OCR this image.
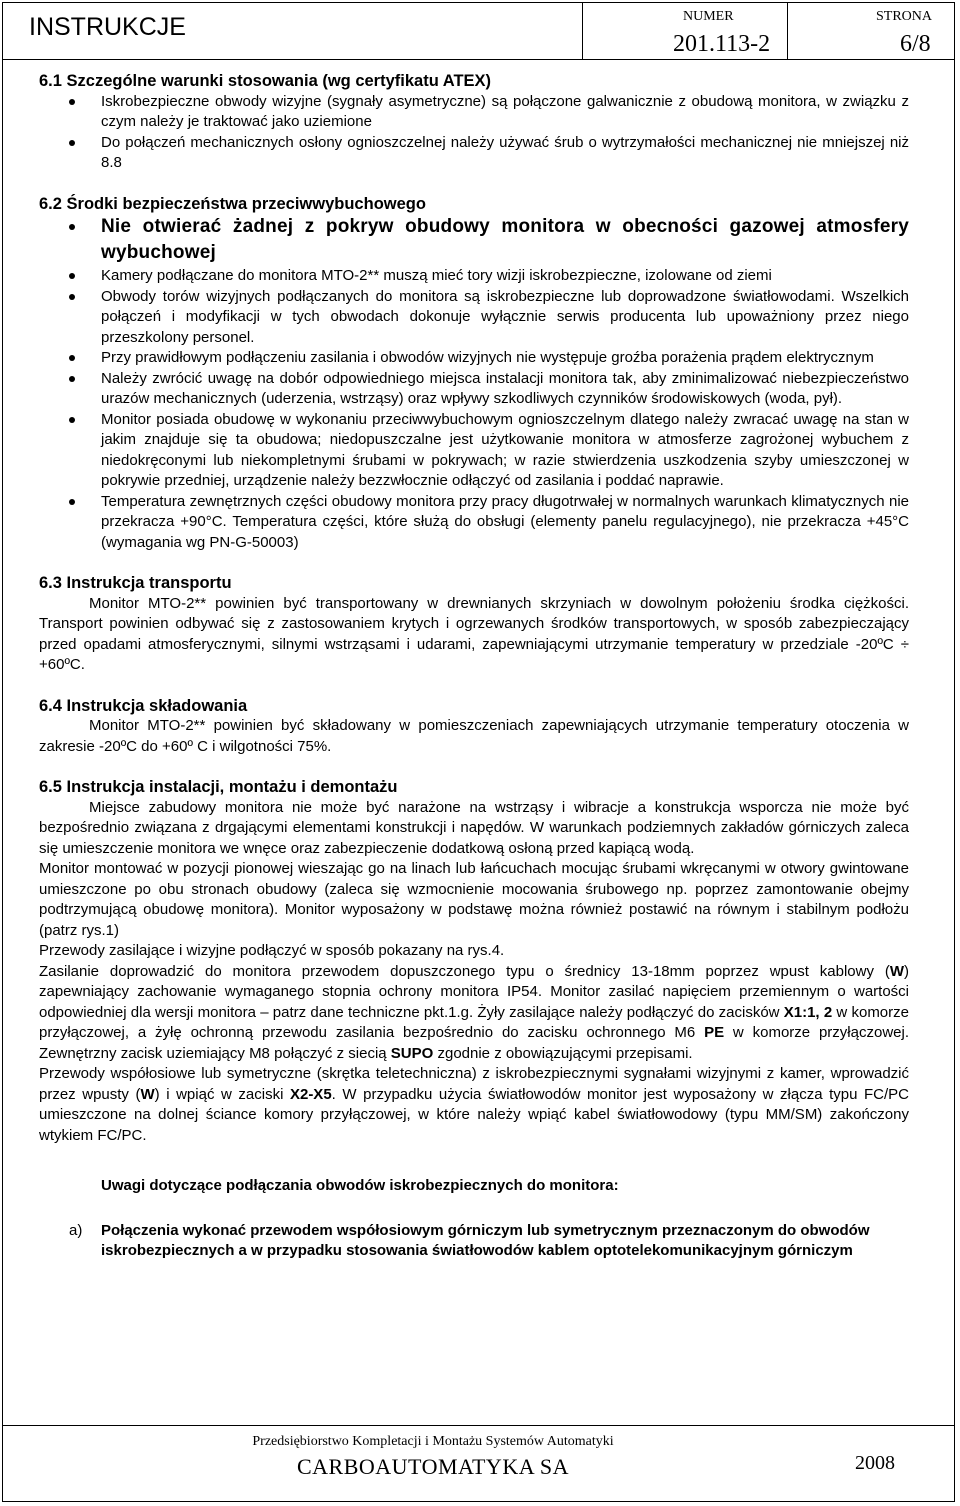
INSTRUKCJE	NUMER
201.113-2
STRONA
6/8

6.1 Szczególne warunki stosowania (wg certyfikatu ATEX)

Iskrobezpieczne obwody wizyjne (sygnały asymetryczne) są połączone galwanicznie z obudową monitora, w związku z czym należy je traktować jako uziemione
Do połączeń mechanicznych osłony ognioszczelnej należy używać śrub o wytrzymałości mechanicznej nie mniejszej niż 8.8

6.2 Środki bezpieczeństwa przeciwwybuchowego

Nie otwierać żadnej z pokryw obudowy monitora w obecności gazowej atmosfery wybuchowej
Kamery podłączane do monitora MTO-2** muszą mieć tory wizji iskrobezpieczne, izolowane od ziemi
Obwody torów wizyjnych podłączanych do monitora są iskrobezpieczne lub doprowadzone światłowodami. Wszelkich połączeń i modyfikacji w tych obwodach dokonuje wyłącznie serwis producenta lub upoważniony przez niego przeszkolony personel.
Przy prawidłowym podłączeniu zasilania i obwodów wizyjnych nie występuje groźba porażenia prądem elektrycznym
Należy zwrócić uwagę na dobór odpowiedniego miejsca instalacji monitora tak, aby zminimalizować niebezpieczeństwo urazów mechanicznych (uderzenia, wstrząsy) oraz wpływy szkodliwych czynników środowiskowych (woda, pył).
Monitor posiada obudowę w wykonaniu przeciwwybuchowym ognioszczelnym dlatego należy zwracać uwagę na stan w jakim znajduje się ta obudowa; niedopuszczalne jest użytkowanie monitora w atmosferze zagrożonej wybuchem z niedokręconymi lub niekompletnymi śrubami w pokrywach; w razie stwierdzenia uszkodzenia szyby umieszczonej w pokrywie przedniej, urządzenie należy bezzwłocznie odłączyć od zasilania i poddać naprawie.
Temperatura zewnętrznych części obudowy monitora przy pracy długotrwałej w normalnych warunkach klimatycznych nie przekracza +90°C. Temperatura części, które służą do obsługi (elementy panelu regulacyjnego), nie przekracza +45°C (wymagania wg PN-G-50003)

6.3 Instrukcja transportu

Monitor MTO-2** powinien być transportowany w drewnianych skrzyniach w dowolnym położeniu środka ciężkości. Transport powinien odbywać się z zastosowaniem krytych i ogrzewanych środków transportowych, w sposób zabezpieczający przed opadami atmosferycznymi, silnymi wstrząsami i udarami, zapewniającymi utrzymanie temperatury w przedziale -20ºC ÷ +60ºC.

6.4 Instrukcja składowania

Monitor MTO-2** powinien być składowany w pomieszczeniach zapewniających utrzymanie temperatury otoczenia w zakresie -20ºC do +60º C i wilgotności 75%.

6.5 Instrukcja instalacji, montażu i demontażu

Miejsce zabudowy monitora nie może być narażone na wstrząsy i wibracje a konstrukcja wsporcza nie może być bezpośrednio związana z drgającymi elementami konstrukcji i napędów. W warunkach podziemnych zakładów górniczych zaleca się umieszczenie monitora we wnęce oraz zabezpieczenie dodatkową osłoną przed kapiącą wodą.

Monitor montować w pozycji pionowej wieszając go na linach lub łańcuchach mocując śrubami wkręcanymi w otwory gwintowane umieszczone po obu stronach obudowy (zaleca się wzmocnienie mocowania śrubowego np. poprzez zamontowanie obejmy podtrzymującą obudowę monitora). Monitor wyposażony w podstawę można również postawić na równym i stabilnym podłożu (patrz rys.1)

Przewody zasilające i wizyjne podłączyć w sposób pokazany na rys.4.

Zasilanie doprowadzić do monitora przewodem dopuszczonego typu o średnicy 13-18mm poprzez wpust kablowy (W) zapewniający zachowanie wymaganego stopnia ochrony monitora IP54. Monitor zasilać napięciem przemiennym o wartości odpowiedniej dla wersji monitora – patrz dane techniczne pkt.1.g. Żyły zasilające należy podłączyć do zacisków X1:1, 2 w komorze przyłączowej, a żyłę ochronną przewodu zasilania bezpośrednio do zacisku ochronnego M6 PE w komorze przyłączowej. Zewnętrzny zacisk uziemiający M8 połączyć z siecią SUPO zgodnie z obowiązującymi przepisami.

Przewody współosiowe lub symetryczne (skrętka teletechniczna) z iskrobezpiecznymi sygnałami wizyjnymi z kamer, wprowadzić przez wpusty (W) i wpiąć w zaciski X2-X5. W przypadku użycia światłowodów monitor jest wyposażony w złącza typu FC/PC umieszczone na dolnej ściance komory przyłączowej, w które należy wpiąć kabel światłowodowy (typu MM/SM) zakończony wtykiem FC/PC.

Uwagi dotyczące podłączania obwodów iskrobezpiecznych do monitora:

a) Połączenia wykonać przewodem współosiowym górniczym lub symetrycznym przeznaczonym do obwodów iskrobezpiecznych a w przypadku stosowania światłowodów kablem optotelekomunikacyjnym górniczym
Przedsiębiorstwo Kompletacji i Montażu Systemów Automatyki
CARBOAUTOMATYKA SA	2008
